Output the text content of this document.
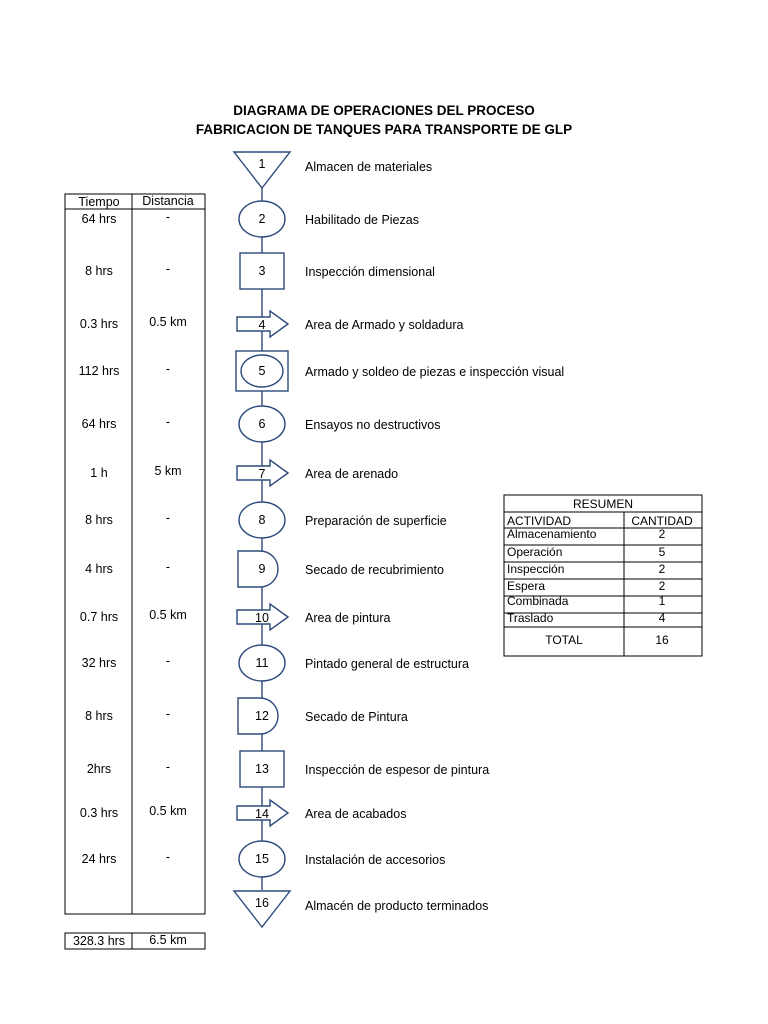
DIAGRAMA DE OPERACIONES DEL PROCESO
FABRICACION DE TANQUES PARA TRANSPORTE DE GLP
Tiempo Distancia
64 hrs	-
8 hrs	-
0.3 hrs 0.5 km
112 hrs	-
64 hrs	-
1 h	5 km
8 hrs	-
4 hrs	-
0.7 hrs 0.5 km
32 hrs	-
8 hrs	-
2hrs	-
0.3 hrs 0.5 km
24 hrs	-
328.3 hrs 6.5 km
1	Almacen de materiales
2	Habilitado de Piezas
3	Inspección dimensional
4	Area de Armado y soldadura
5	Armado y soldeo de piezas e inspección visual
6	Ensayos no destructivos
7	Area de arenado
8	Preparación de superficie
9	Secado de recubrimiento
10	Area de pintura
11	Pintado general de estructura
12	Secado de Pintura
13	Inspección de espesor de pintura
14	Area de acabados
15	Instalación de accesorios
16	Almacén de producto terminados
RESUMEN
ACTIVIDAD	CANTIDAD
Almacenamiento	2
Operación	5
Inspección	2
Espera	2
Combinada	1
Traslado	4
TOTAL	16
